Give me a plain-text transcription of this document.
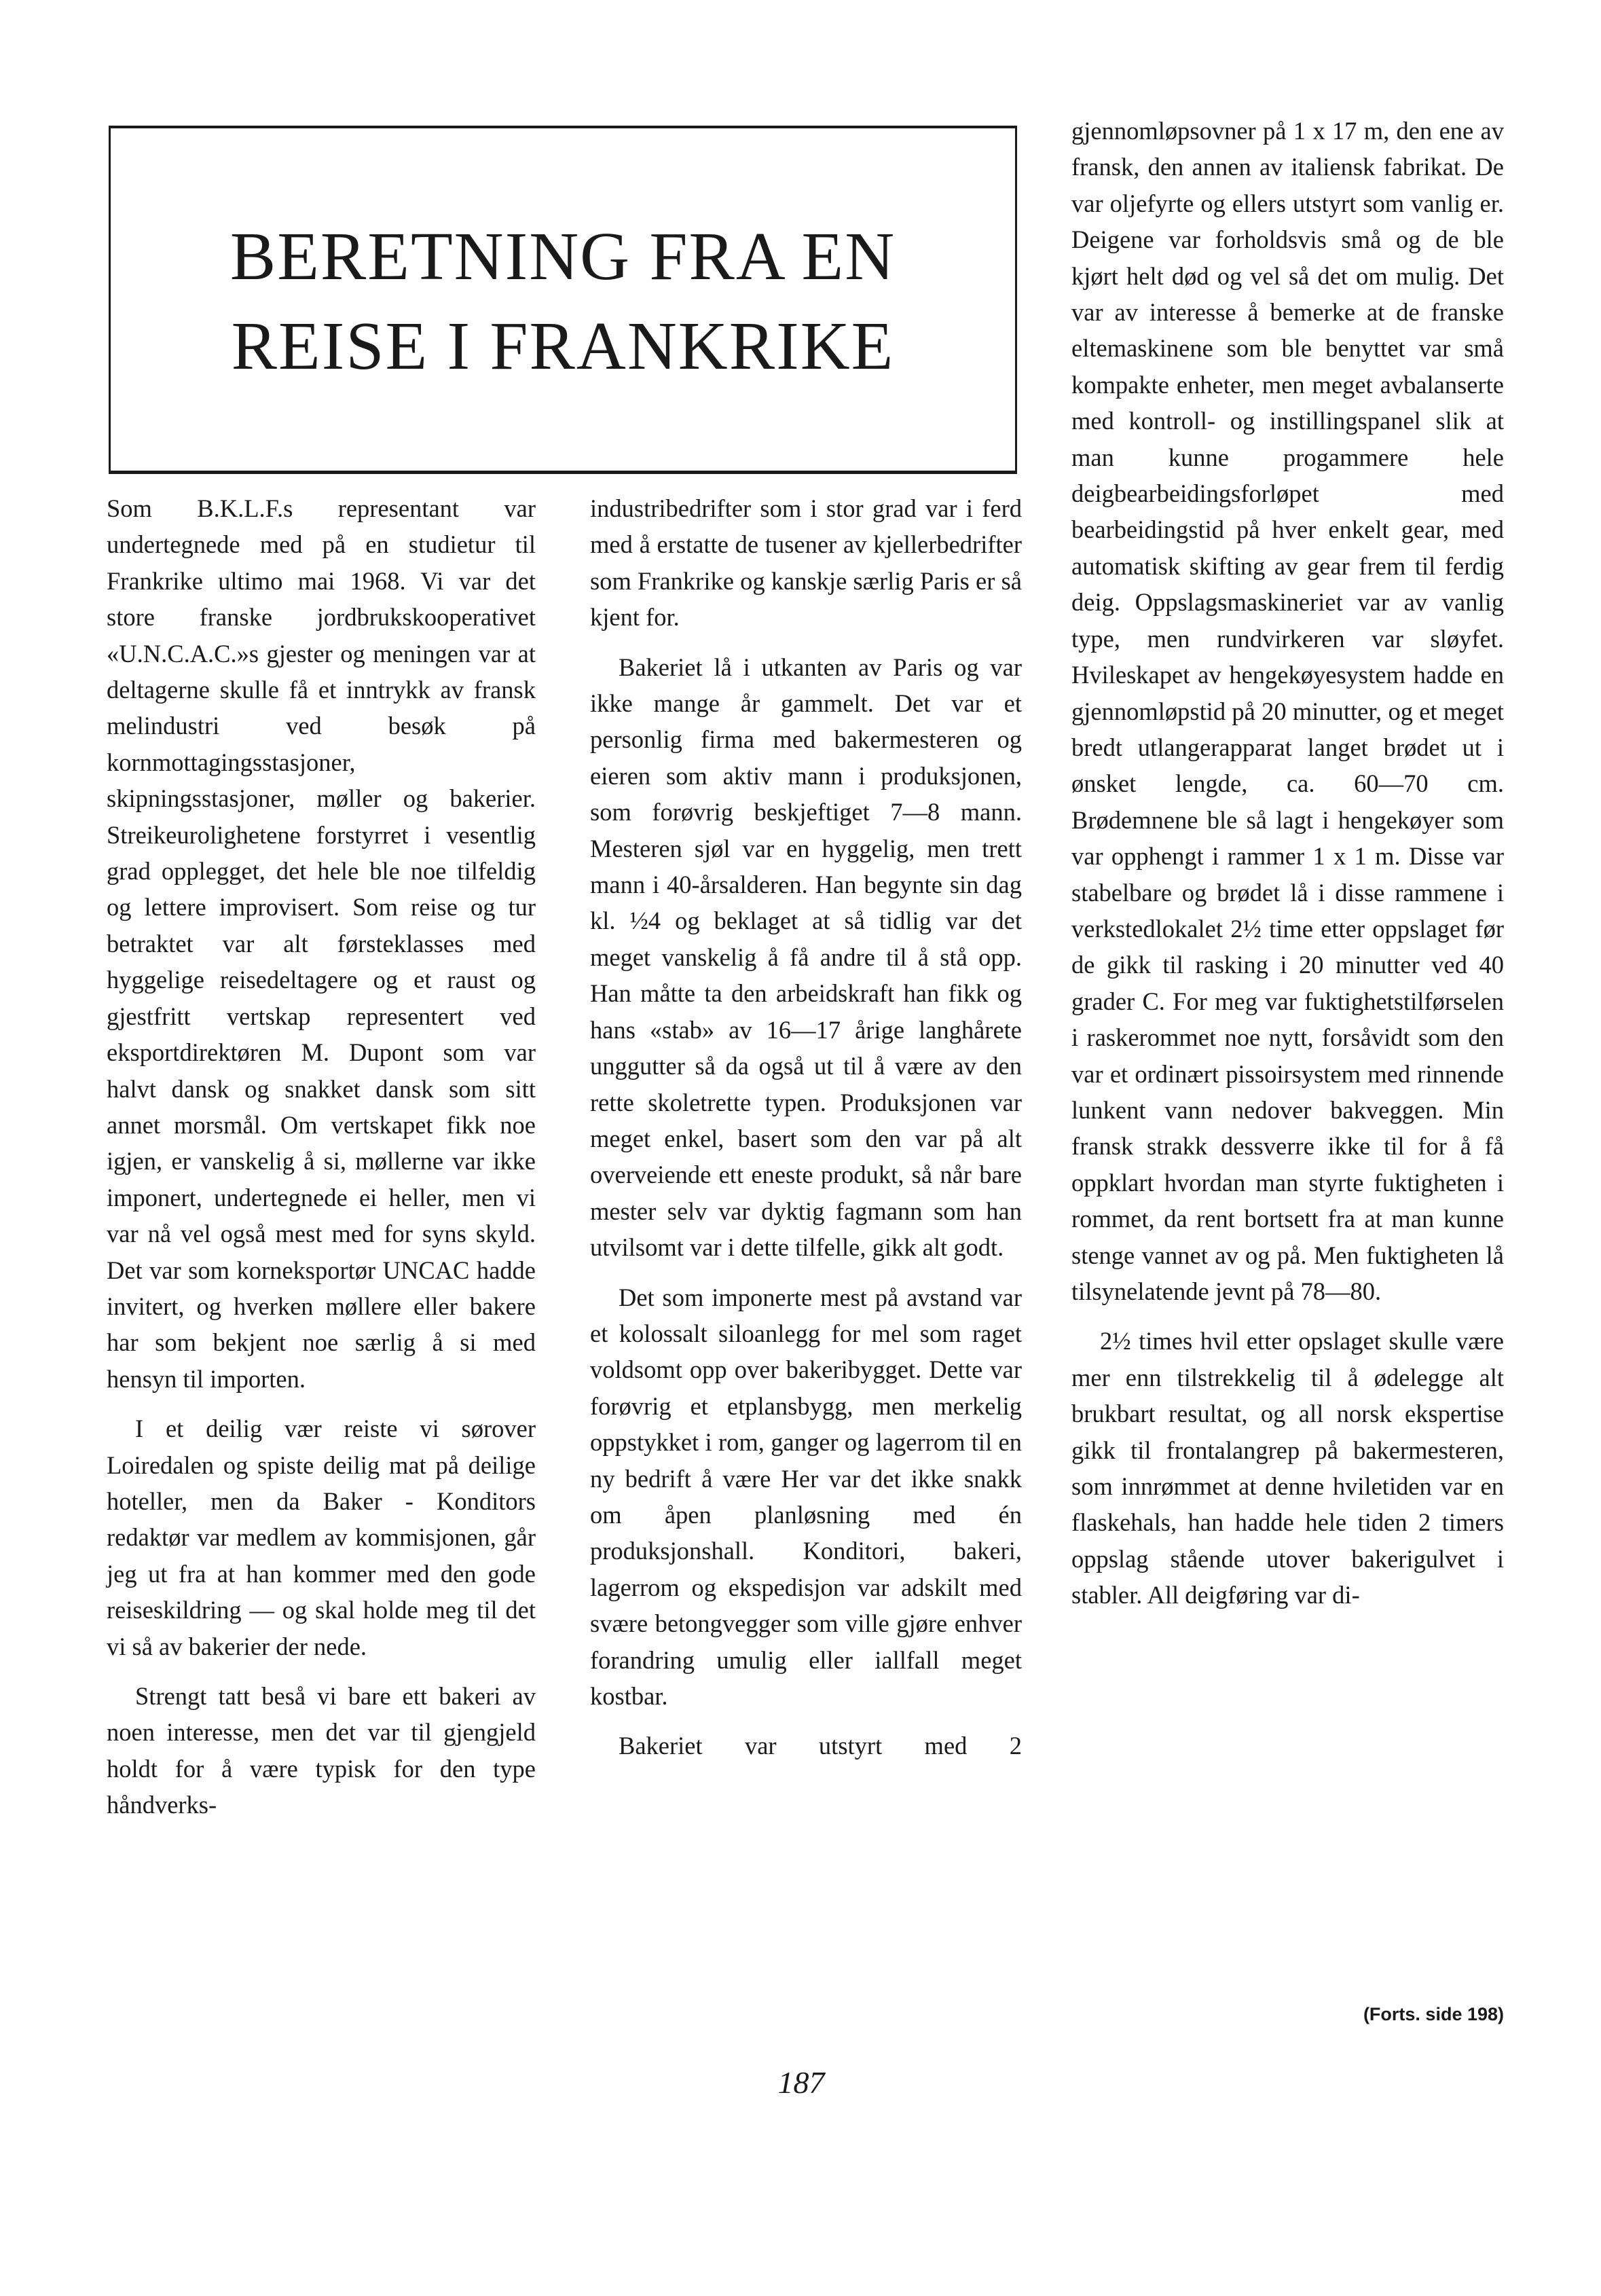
BERETNING FRA EN
REISE I FRANKRIKE

Som B.K.L.F.s representant var undertegnede med på en studietur til Frankrike ultimo mai 1968. Vi var det store franske jordbrukskooperativet «U.N.C.A.C.»s gjester og meningen var at deltagerne skulle få et inntrykk av fransk melindustri ved besøk på kornmottagingsstasjoner, skipningsstasjoner, møller og bakerier. Streikeurolighetene forstyrret i vesentlig grad opplegget, det hele ble noe tilfeldig og lettere improvisert. Som reise og tur betraktet var alt førsteklasses med hyggelige reisedeltagere og et raust og gjestfritt vertskap representert ved eksportdirektøren M. Dupont som var halvt dansk og snakket dansk som sitt annet morsmål. Om vertskapet fikk noe igjen, er vanskelig å si, møllerne var ikke imponert, undertegnede ei heller, men vi var nå vel også mest med for syns skyld. Det var som korneksportør UNCAC hadde invitert, og hverken møllere eller bakere har som bekjent noe særlig å si med hensyn til importen.

I et deilig vær reiste vi sørover Loiredalen og spiste deilig mat på deilige hoteller, men da Baker - Konditors redaktør var medlem av kommisjonen, går jeg ut fra at han kommer med den gode reiseskildring — og skal holde meg til det vi så av bakerier der nede.

Strengt tatt beså vi bare ett bakeri av noen interesse, men det var til gjengjeld holdt for å være typisk for den type håndverks-

industribedrifter som i stor grad var i ferd med å erstatte de tusener av kjellerbedrifter som Frankrike og kanskje særlig Paris er så kjent for.

Bakeriet lå i utkanten av Paris og var ikke mange år gammelt. Det var et personlig firma med bakermesteren og eieren som aktiv mann i produksjonen, som forøvrig beskjeftiget 7—8 mann. Mesteren sjøl var en hyggelig, men trett mann i 40-årsalderen. Han begynte sin dag kl. ½4 og beklaget at så tidlig var det meget vanskelig å få andre til å stå opp. Han måtte ta den arbeidskraft han fikk og hans «stab» av 16—17 årige langhårete unggutter så da også ut til å være av den rette skoletrette typen. Produksjonen var meget enkel, basert som den var på alt overveiende ett eneste produkt, så når bare mester selv var dyktig fagmann som han utvilsomt var i dette tilfelle, gikk alt godt.

Det som imponerte mest på avstand var et kolossalt siloanlegg for mel som raget voldsomt opp over bakeribygget. Dette var forøvrig et etplansbygg, men merkelig oppstykket i rom, ganger og lagerrom til en ny bedrift å være Her var det ikke snakk om åpen planløsning med én produksjonshall. Konditori, bakeri, lagerrom og ekspedisjon var adskilt med svære betongvegger som ville gjøre enhver forandring umulig eller iallfall meget kostbar.

Bakeriet var utstyrt med 2

gjennomløpsovner på 1 x 17 m, den ene av fransk, den annen av italiensk fabrikat. De var oljefyrte og ellers utstyrt som vanlig er. Deigene var forholdsvis små og de ble kjørt helt død og vel så det om mulig. Det var av interesse å bemerke at de franske eltemaskinene som ble benyttet var små kompakte enheter, men meget avbalanserte med kontroll- og instillingspanel slik at man kunne progammere hele deigbearbeidingsforløpet med bearbeidingstid på hver enkelt gear, med automatisk skifting av gear frem til ferdig deig. Oppslagsmaskineriet var av vanlig type, men rundvirkeren var sløyfet. Hvileskapet av hengekøyesystem hadde en gjennomløpstid på 20 minutter, og et meget bredt utlangerapparat langet brødet ut i ønsket lengde, ca. 60—70 cm. Brødemnene ble så lagt i hengekøyer som var opphengt i rammer 1 x 1 m. Disse var stabelbare og brødet lå i disse rammene i verkstedlokalet 2½ time etter oppslaget før de gikk til rasking i 20 minutter ved 40 grader C. For meg var fuktighetstilførselen i raskerommet noe nytt, forsåvidt som den var et ordinært pissoirsystem med rinnende lunkent vann nedover bakveggen. Min fransk strakk dessverre ikke til for å få oppklart hvordan man styrte fuktigheten i rommet, da rent bortsett fra at man kunne stenge vannet av og på. Men fuktigheten lå tilsynelatende jevnt på 78—80.

2½ times hvil etter opslaget skulle være mer enn tilstrekkelig til å ødelegge alt brukbart resultat, og all norsk ekspertise gikk til frontalangrep på bakermesteren, som innrømmet at denne hviletiden var en flaskehals, han hadde hele tiden 2 timers oppslag stående utover bakerigulvet i stabler. All deigføring var di-

(Forts. side 198)
187
